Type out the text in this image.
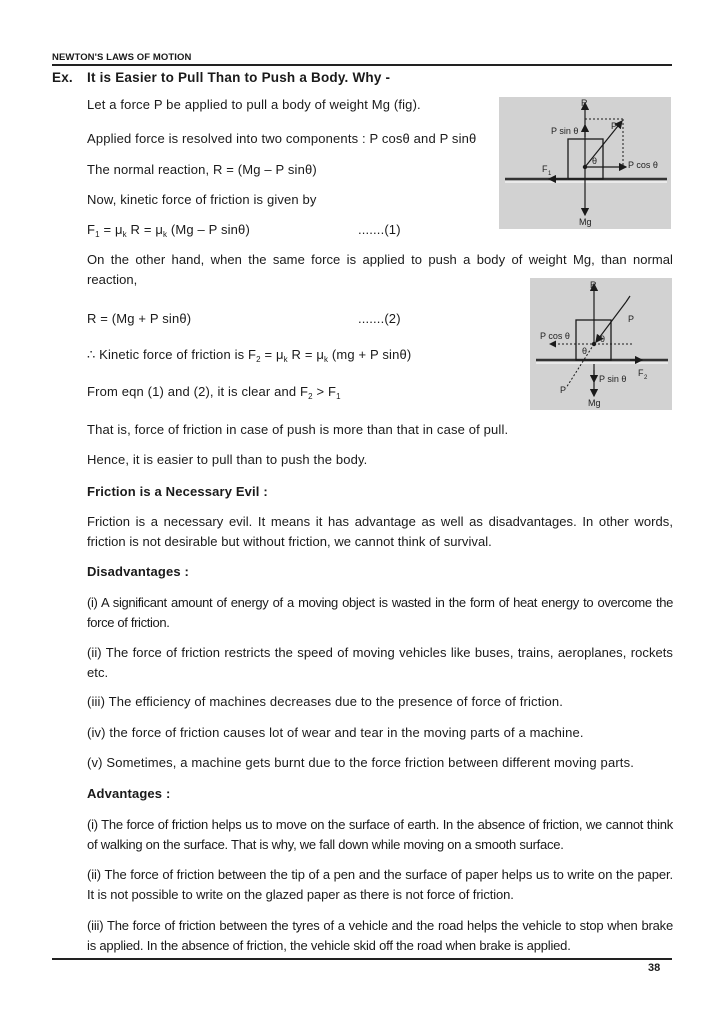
NEWTON'S LAWS OF MOTION
Ex. It is Easier to Pull Than to Push a Body. Why -
Let a force P be applied to pull a body of weight Mg (fig).
Applied force is resolved into two components : P cosθ and P sinθ
The normal reaction, R = (Mg – P sinθ)
Now, kinetic force of friction is given by
$F_1 = \mu_k$ $R = \mu_k$ (Mg – P sinθ)	.......(1)
R
P
P sin θ
P cos θ
θ
F 1
Mg
On the other hand, when the same force is applied to push a body of weight Mg, than normal reaction,
R = (Mg + P sinθ)	.......(2)
∴ Kinetic force of friction is $F_2 = \mu_k$ $R = \mu_k$ (mg + P sinθ)
From eqn (1) and (2), it is clear and $F_2 > F_1$
R
P
P
P cos θ
P sin θ
θ
θ
F 2
Mg
That is, force of friction in case of push is more than that in case of pull.
Hence, it is easier to pull than to push the body.
Friction is a Necessary Evil :
Friction is a necessary evil. It means it has advantage as well as disadvantages. In other words, friction is not desirable but without friction, we cannot think of survival.
Disadvantages :
(i) A significant amount of energy of a moving object is wasted in the form of heat energy to overcome the force of friction.
(ii) The force of friction restricts the speed of moving vehicles like buses, trains, aeroplanes, rockets etc.
(iii) The efficiency of machines decreases due to the presence of force of friction.
(iv) the force of friction causes lot of wear and tear in the moving parts of a machine.
(v) Sometimes, a machine gets burnt due to the force friction between different moving parts.
Advantages :
(i) The force of friction helps us to move on the surface of earth. In the absence of friction, we cannot think of walking on the surface. That is why, we fall down while moving on a smooth surface.
(ii) The force of friction between the tip of a pen and the surface of paper helps us to write on the paper. It is not possible to write on the glazed paper as there is not force of friction.
(iii) The force of friction between the tyres of a vehicle and the road helps the vehicle to stop when brake is applied. In the absence of friction, the vehicle skid off the road when brake is applied.
38
